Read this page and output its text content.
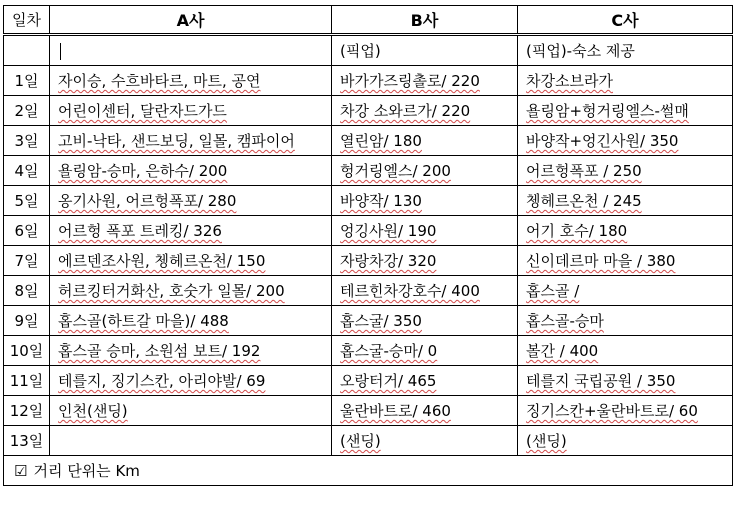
일차	A사	B사	C사
		(픽업)	(픽업)-숙소 제공
1일	자이승, 수흐바타르, 마트, 공연	바가가즈링촐로/ 220	차강소브라가
2일	어린이센터, 달란자드가드	차강 소와르가/ 220	욜링암+헝거링엘스-썰매
3일	고비-낙타, 샌드보딩, 일몰, 캠파이어	열린암/ 180	바양작+엉긴사원/ 350
4일	욜링암-승마, 은하수/ 200	헝거링엘스/ 200	어르헝폭포 / 250
5일	옹기사원, 어르헝폭포/ 280	바양작/ 130	쳉헤르온천 / 245
6일	어르헝 폭포 트레킹/ 326	엉깅사원/ 190	어기 호수/ 180
7일	에르덴조사원, 쳉헤르온천/ 150	자랑차강/ 320	신이데르마 마을 / 380
8일	허르킹터거화산, 호숫가 일몰/ 200	테르힌차강호수/ 400	홉스골 /
9일	홉스골(하트갈 마을)/ 488	홉스굴/ 350	홉스골-승마
10일	홉스골 승마, 소원섬 보트/ 192	홉스굴-승마/ 0	볼간 / 400
11일	테를지, 징기스칸, 아리야발/ 69	오랑터거/ 465	테를지 국립공원 / 350
12일	인천(샌딩)	울란바트로/ 460	징기스칸+울란바트로/ 60
13일		(샌딩)	(샌딩)
☑ 거리 단위는 Km			
